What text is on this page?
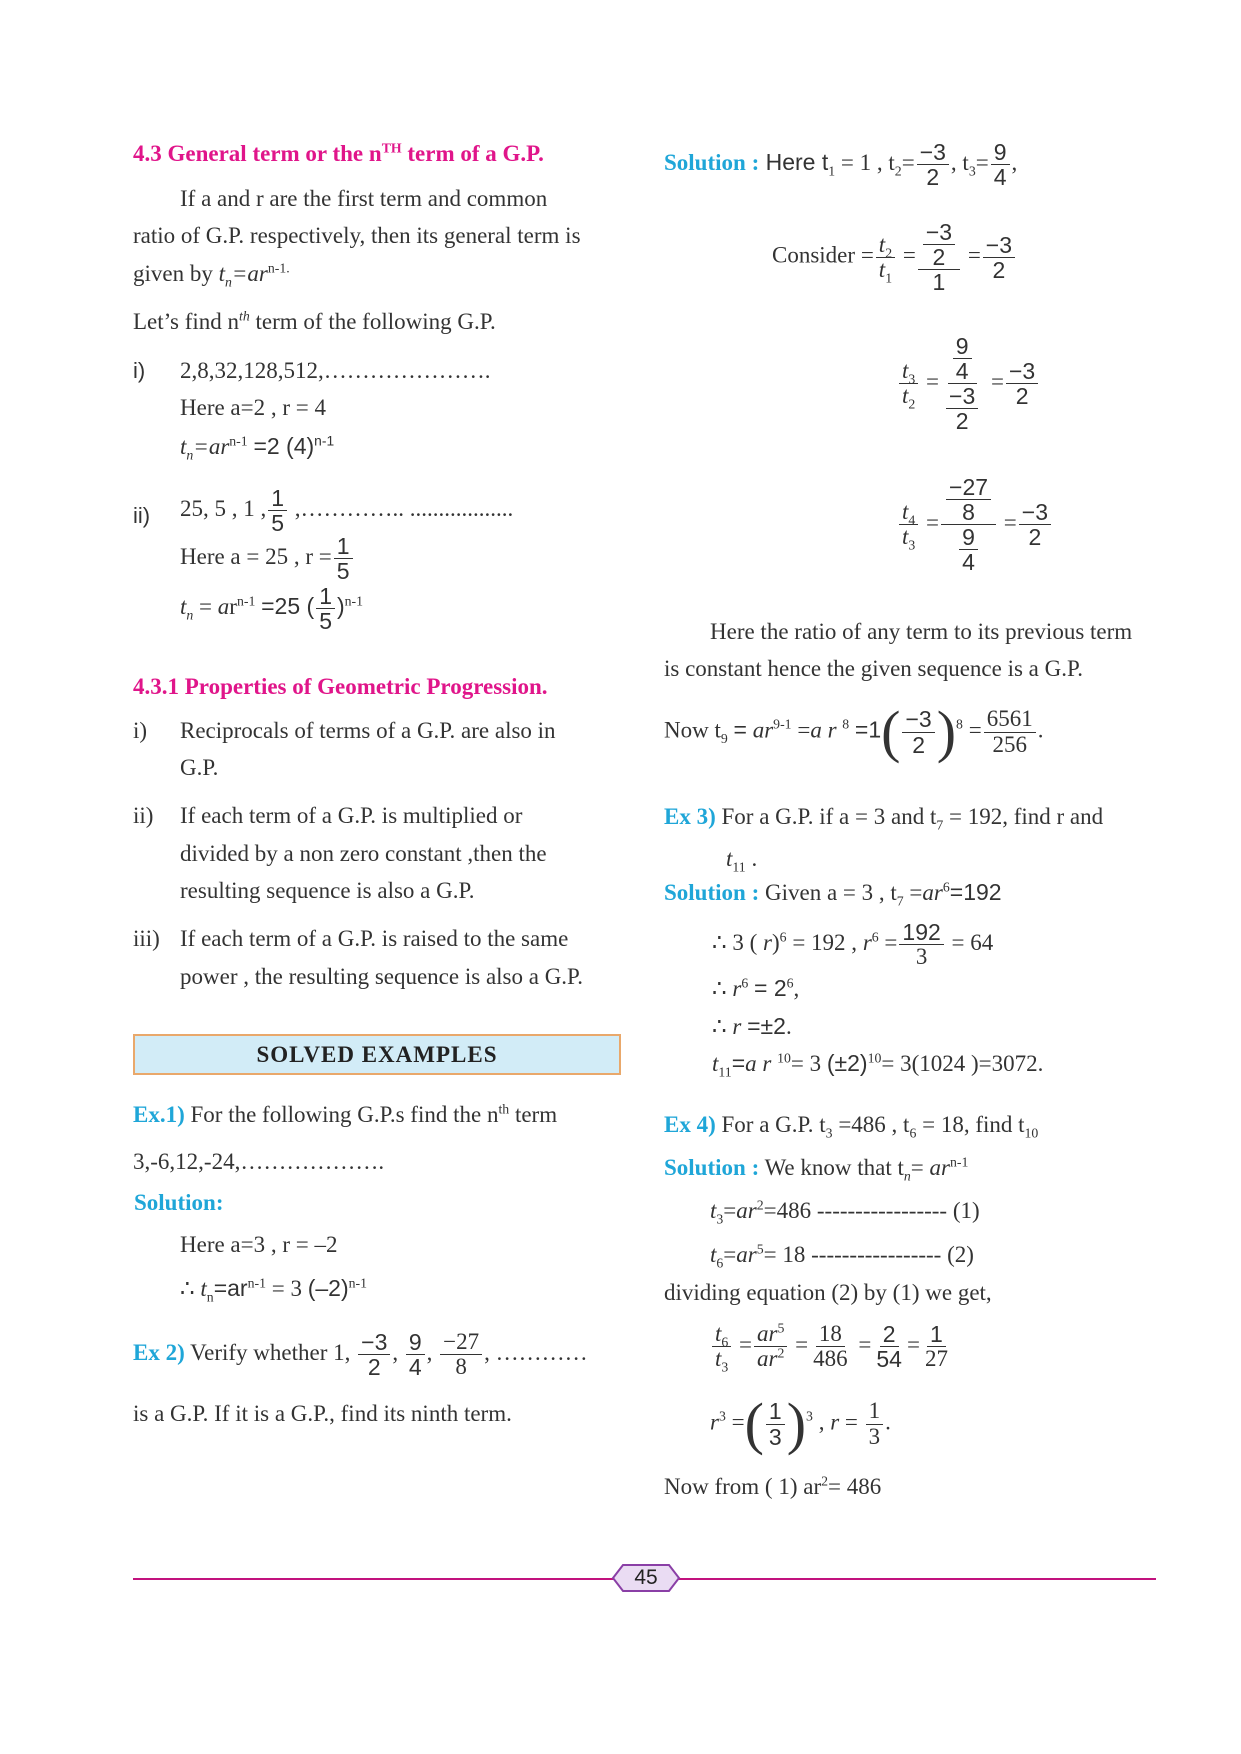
4.3 General term or the $n^{TH}$ term of a G.P.
If a and r are the first term and common
ratio of G.P. respectively, then its general term is
given by $t_n=ar^{n-1.}$
Let’s find $n^{th}$ term of the following G.P.
i) 2,8,32,128,512,………………….
Here a=2 , r = 4
$t_n=ar^{n-1} =2$ $(4)^{n-1}$
ii) 25, 5 , 1 , $\frac{1}{5}$ ,………….. ..................
Here a = 25 , $r = \frac{1}{5}$
$t_n = ar^{n-1} =25$ ( $\frac{1}{5} )^{n-1}$
4.3.1 Properties of Geometric Progression.
i) Reciprocals of terms of a G.P. are also in
G.P.
ii) If each term of a G.P. is multiplied or
divided by a non zero constant ,then the
resulting sequence is also a G.P.
iii) If each term of a G.P. is raised to the same
power , the resulting sequence is also a G.P.
SOLVED EXAMPLES
Ex.1) For the following G.P.s find the $n^{th}$ term
3,-6,12,-24,……………….
Solution:
Here a=3 , r = –2
∴ $t_n=ar^{n-1} = 3$ $(-2)^{n-1}$
Ex 2) Verify whether 1, $\frac{-3}{2}$ , $\frac{9}{4}$ , $\frac{-27}{8}$ , …………
is a G.P. If it is a G.P., find its ninth term.
Solution : Here $t_1 = 1$ , $t_2= \frac{-3}{2}$ , $t_3= \frac{9}{4}$ ,
Consider = $\frac{t_2}{t_1} = \frac{\frac{-3}{2}}{1} = \frac{-3}{2}$
$\frac{t_3}{t_2} = \frac{\frac{9}{4}}{\frac{-3}{2}} = \frac{-3}{2}$
$\frac{t_4}{t_3} = \frac{\frac{-27}{8}}{\frac{9}{4}} = \frac{-3}{2}$
Here the ratio of any term to its previous term
is constant hence the given sequence is a G.P.
Now $t_9 = ar^{9-1} =a$ r $^8 =1( \frac{-3}{2} )^8 = \frac{6561}{256}$ .
Ex 3) For a G.P. if a = 3 and $t_7 = 192$, find r and
$t_{11}$ .
Solution : Given a = 3 , $t_7 =ar^6=192$
∴ 3 ( r)$^6$ = 192 , $r^6 = \frac{192}{3} = 64$
∴ $r^6 = 2^6$,
∴ r =±2.
$t_{11}=a$ r $^{10}$= 3 $(\pm 2)^{10}= 3(1024$ )=3072.
Ex 4) For a G.P. $t_3 =486$ , $t_6 = 18$, find $t_{10}$
Solution : We know that $t_n= ar^{n-1}$
$t_3=ar^2=486$ ----------------- (1)
$t_6=ar^5= 18$ ----------------- (2)
dividing equation (2) by (1) we get,
$\frac{t_6}{t_3} = \frac{ar^5}{ar^2} = \frac{18}{486} = \frac{2}{54} = \frac{1}{27}$
$r^3$ =( $\frac{1}{3} )^3$ , $r = \frac{1}{3}$ .
Now from ( 1) $ar^2= 486$
45
